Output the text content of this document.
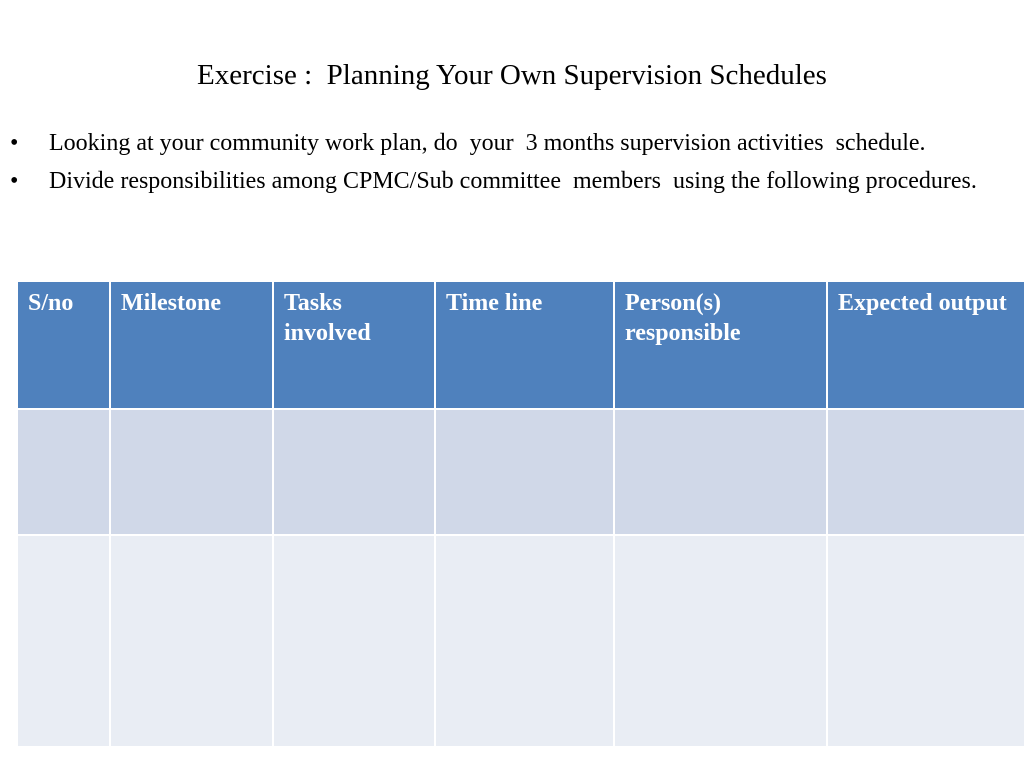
Exercise :  Planning Your Own Supervision Schedules
•	Looking at your community work plan, do  your  3 months supervision activities  schedule.
•	Divide responsibilities among CPMC/Sub committee  members  using the following procedures.
S/no	Milestone	Tasks involved	Time line	Person(s) responsible	Expected output
